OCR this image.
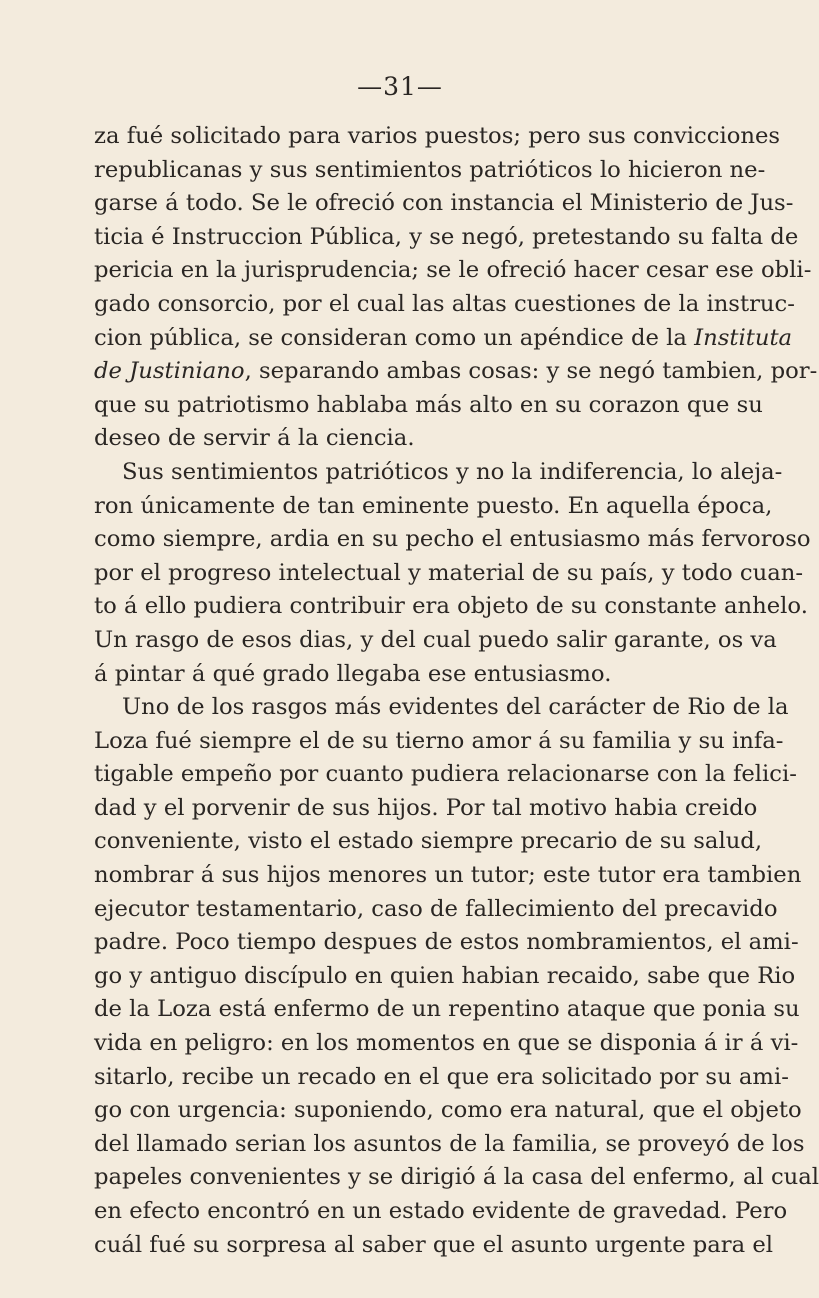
—31—
za fué solicitado para varios puestos; pero sus convicciones
republicanas y sus sentimientos patrióticos lo hicieron ne-
garse á todo. Se le ofreció con instancia el Ministerio de Jus-
ticia é Instruccion Pública, y se negó, pretestando su falta de
pericia en la jurisprudencia; se le ofreció hacer cesar ese obli-
gado consorcio, por el cual las altas cuestiones de la instruc-
cion pública, se consideran como un apéndice de la Instituta
de Justiniano, separando ambas cosas: y se negó tambien, por-
que su patriotismo hablaba más alto en su corazon que su
deseo de servir á la ciencia.
Sus sentimientos patrióticos y no la indiferencia, lo aleja-
ron únicamente de tan eminente puesto. En aquella época,
como siempre, ardia en su pecho el entusiasmo más fervoroso
por el progreso intelectual y material de su país, y todo cuan-
to á ello pudiera contribuir era objeto de su constante anhelo.
Un rasgo de esos dias, y del cual puedo salir garante, os va
á pintar á qué grado llegaba ese entusiasmo.
Uno de los rasgos más evidentes del carácter de Rio de la
Loza fué siempre el de su tierno amor á su familia y su infa-
tigable empeño por cuanto pudiera relacionarse con la felici-
dad y el porvenir de sus hijos. Por tal motivo habia creido
conveniente, visto el estado siempre precario de su salud,
nombrar á sus hijos menores un tutor; este tutor era tambien
ejecutor testamentario, caso de fallecimiento del precavido
padre. Poco tiempo despues de estos nombramientos, el ami-
go y antiguo discípulo en quien habian recaido, sabe que Rio
de la Loza está enfermo de un repentino ataque que ponia su
vida en peligro: en los momentos en que se disponia á ir á vi-
sitarlo, recibe un recado en el que era solicitado por su ami-
go con urgencia: suponiendo, como era natural, que el objeto
del llamado serian los asuntos de la familia, se proveyó de los
papeles convenientes y se dirigió á la casa del enfermo, al cual
en efecto encontró en un estado evidente de gravedad. Pero
cuál fué su sorpresa al saber que el asunto urgente para el
